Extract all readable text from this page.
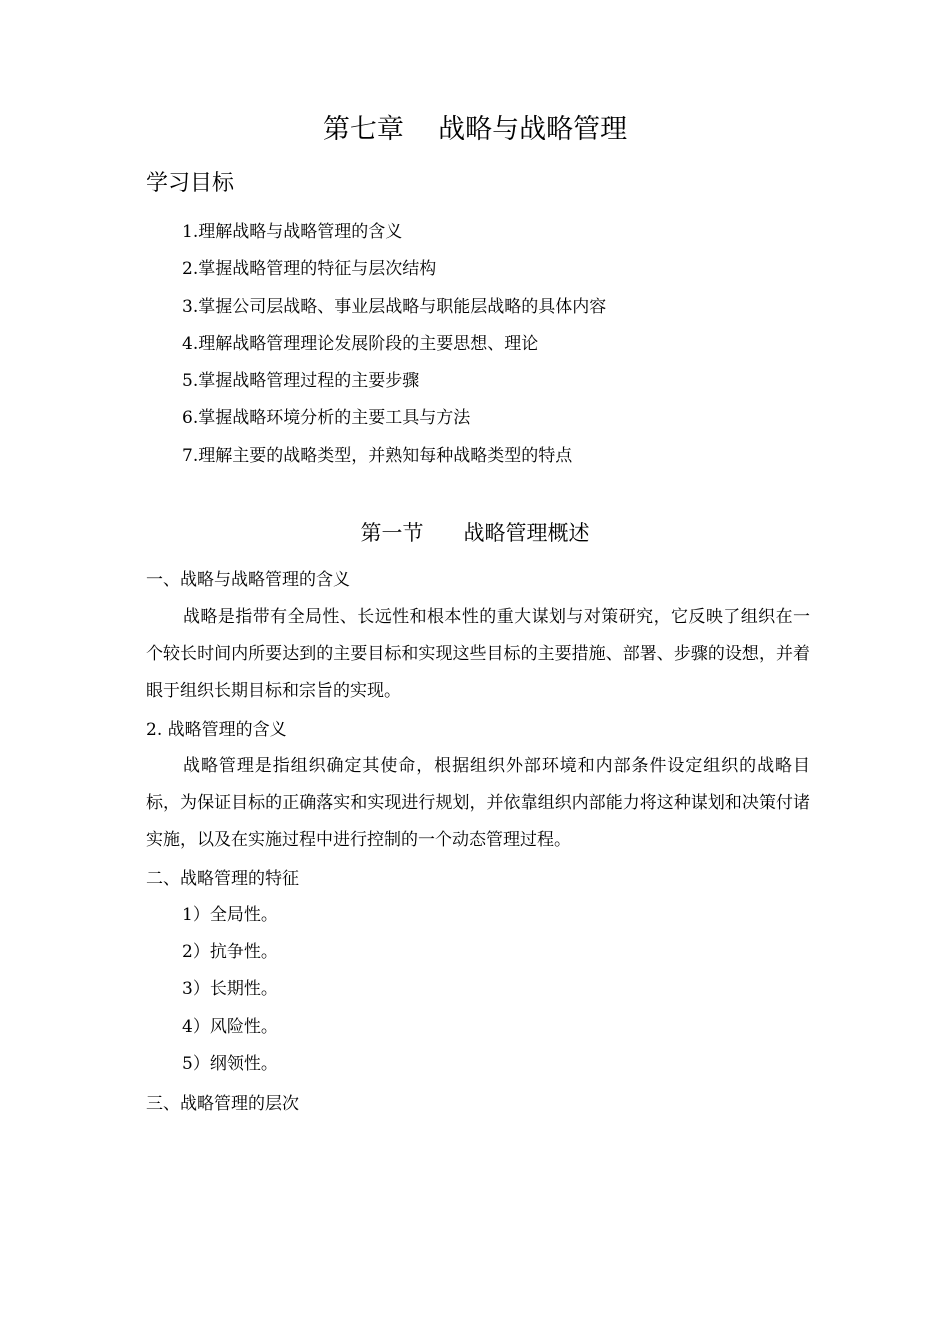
第七章    战略与战略管理
学习目标
1.理解战略与战略管理的含义
2.掌握战略管理的特征与层次结构
3.掌握公司层战略、事业层战略与职能层战略的具体内容
4.理解战略管理理论发展阶段的主要思想、理论
5.掌握战略管理过程的主要步骤
6.掌握战略环境分析的主要工具与方法
7.理解主要的战略类型，并熟知每种战略类型的特点
第一节      战略管理概述
一、战略与战略管理的含义
战略是指带有全局性、长远性和根本性的重大谋划与对策研究，它反映了组织在一个较长时间内所要达到的主要目标和实现这些目标的主要措施、部署、步骤的设想，并着眼于组织长期目标和宗旨的实现。
2. 战略管理的含义
战略管理是指组织确定其使命，根据组织外部环境和内部条件设定组织的战略目标，为保证目标的正确落实和实现进行规划，并依靠组织内部能力将这种谋划和决策付诸实施，以及在实施过程中进行控制的一个动态管理过程。
二、战略管理的特征
1）全局性。
2）抗争性。
3）长期性。
4）风险性。
5）纲领性。
三、战略管理的层次
